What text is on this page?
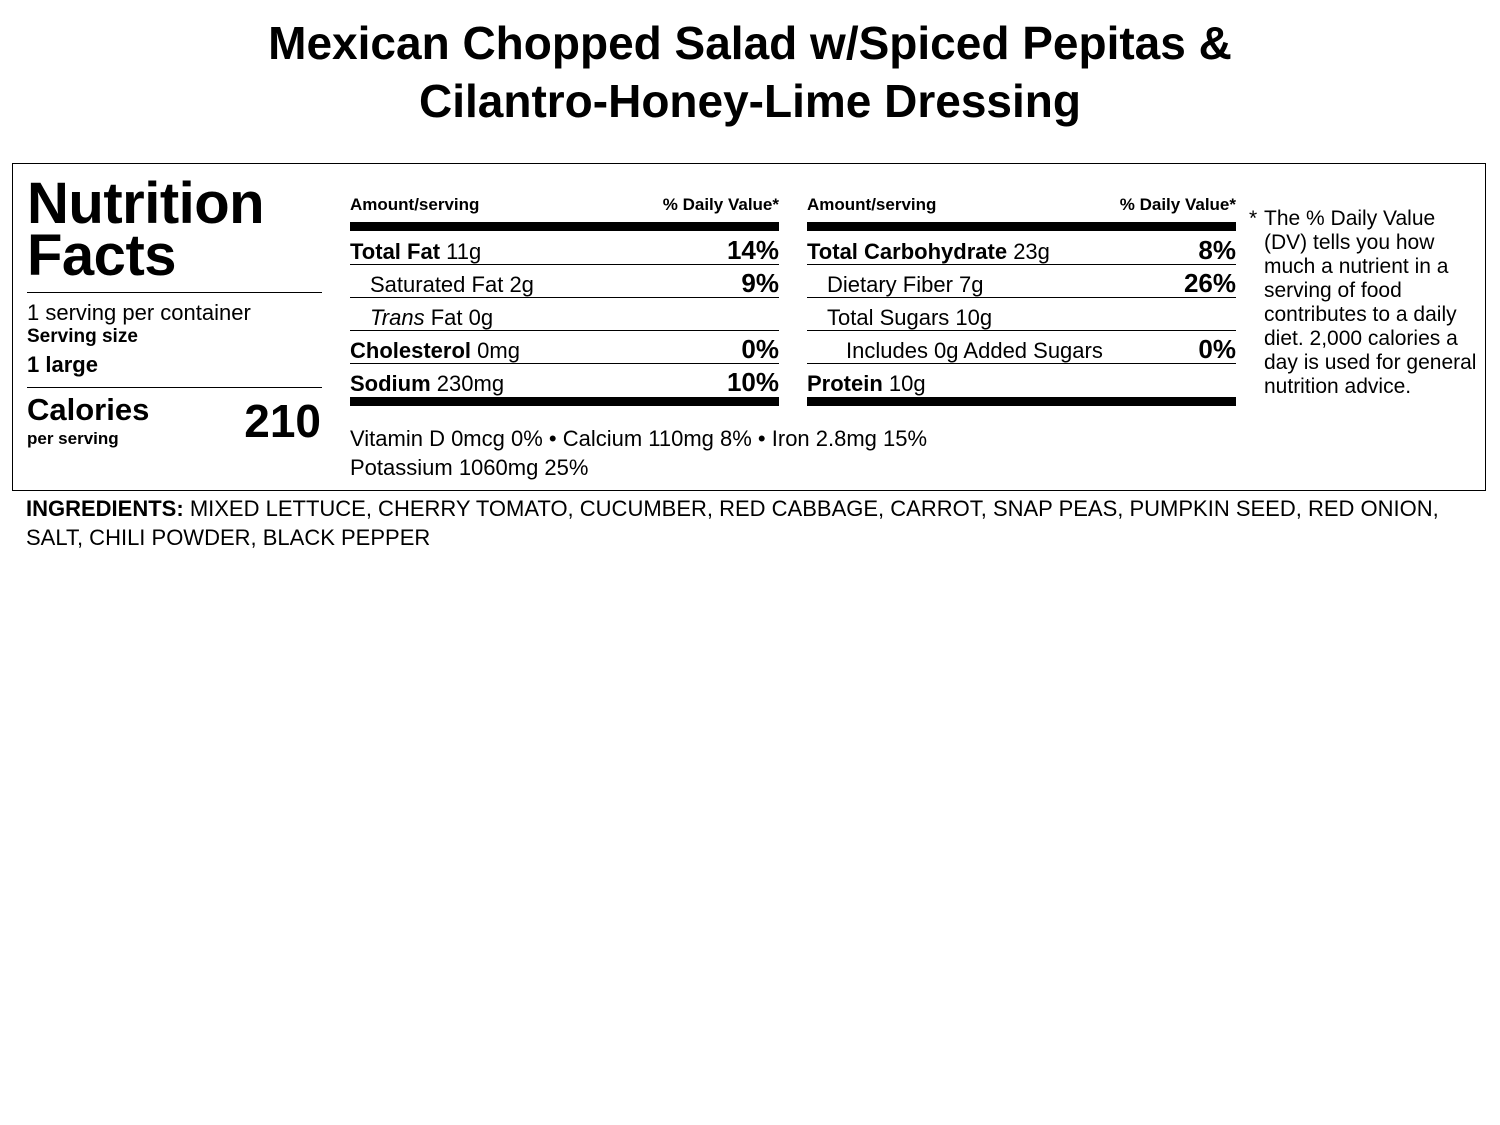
Mexican Chopped Salad w/Spiced Pepitas &
Cilantro-Honey-Lime Dressing
Nutrition
Facts
1 serving per container
Serving size
1 large
Calories
per serving	210
Amount/serving	% Daily Value*
Total Fat 11g	14%
Saturated Fat 2g	9%
Trans Fat 0g
Cholesterol 0mg	0%
Sodium 230mg	10%
Amount/serving	% Daily Value*
Total Carbohydrate 23g	8%
Dietary Fiber 7g	26%
Total Sugars 10g
Includes 0g Added Sugars	0%
Protein 10g
Vitamin D 0mcg 0% • Calcium 110mg 8% • Iron 2.8mg 15%
Potassium 1060mg 25%
* The % Daily Value (DV) tells you how much a nutrient in a serving of food contributes to a daily diet. 2,000 calories a day is used for general nutrition advice.
INGREDIENTS: MIXED LETTUCE, CHERRY TOMATO, CUCUMBER, RED CABBAGE, CARROT, SNAP PEAS, PUMPKIN SEED, RED ONION, SALT, CHILI POWDER, BLACK PEPPER
